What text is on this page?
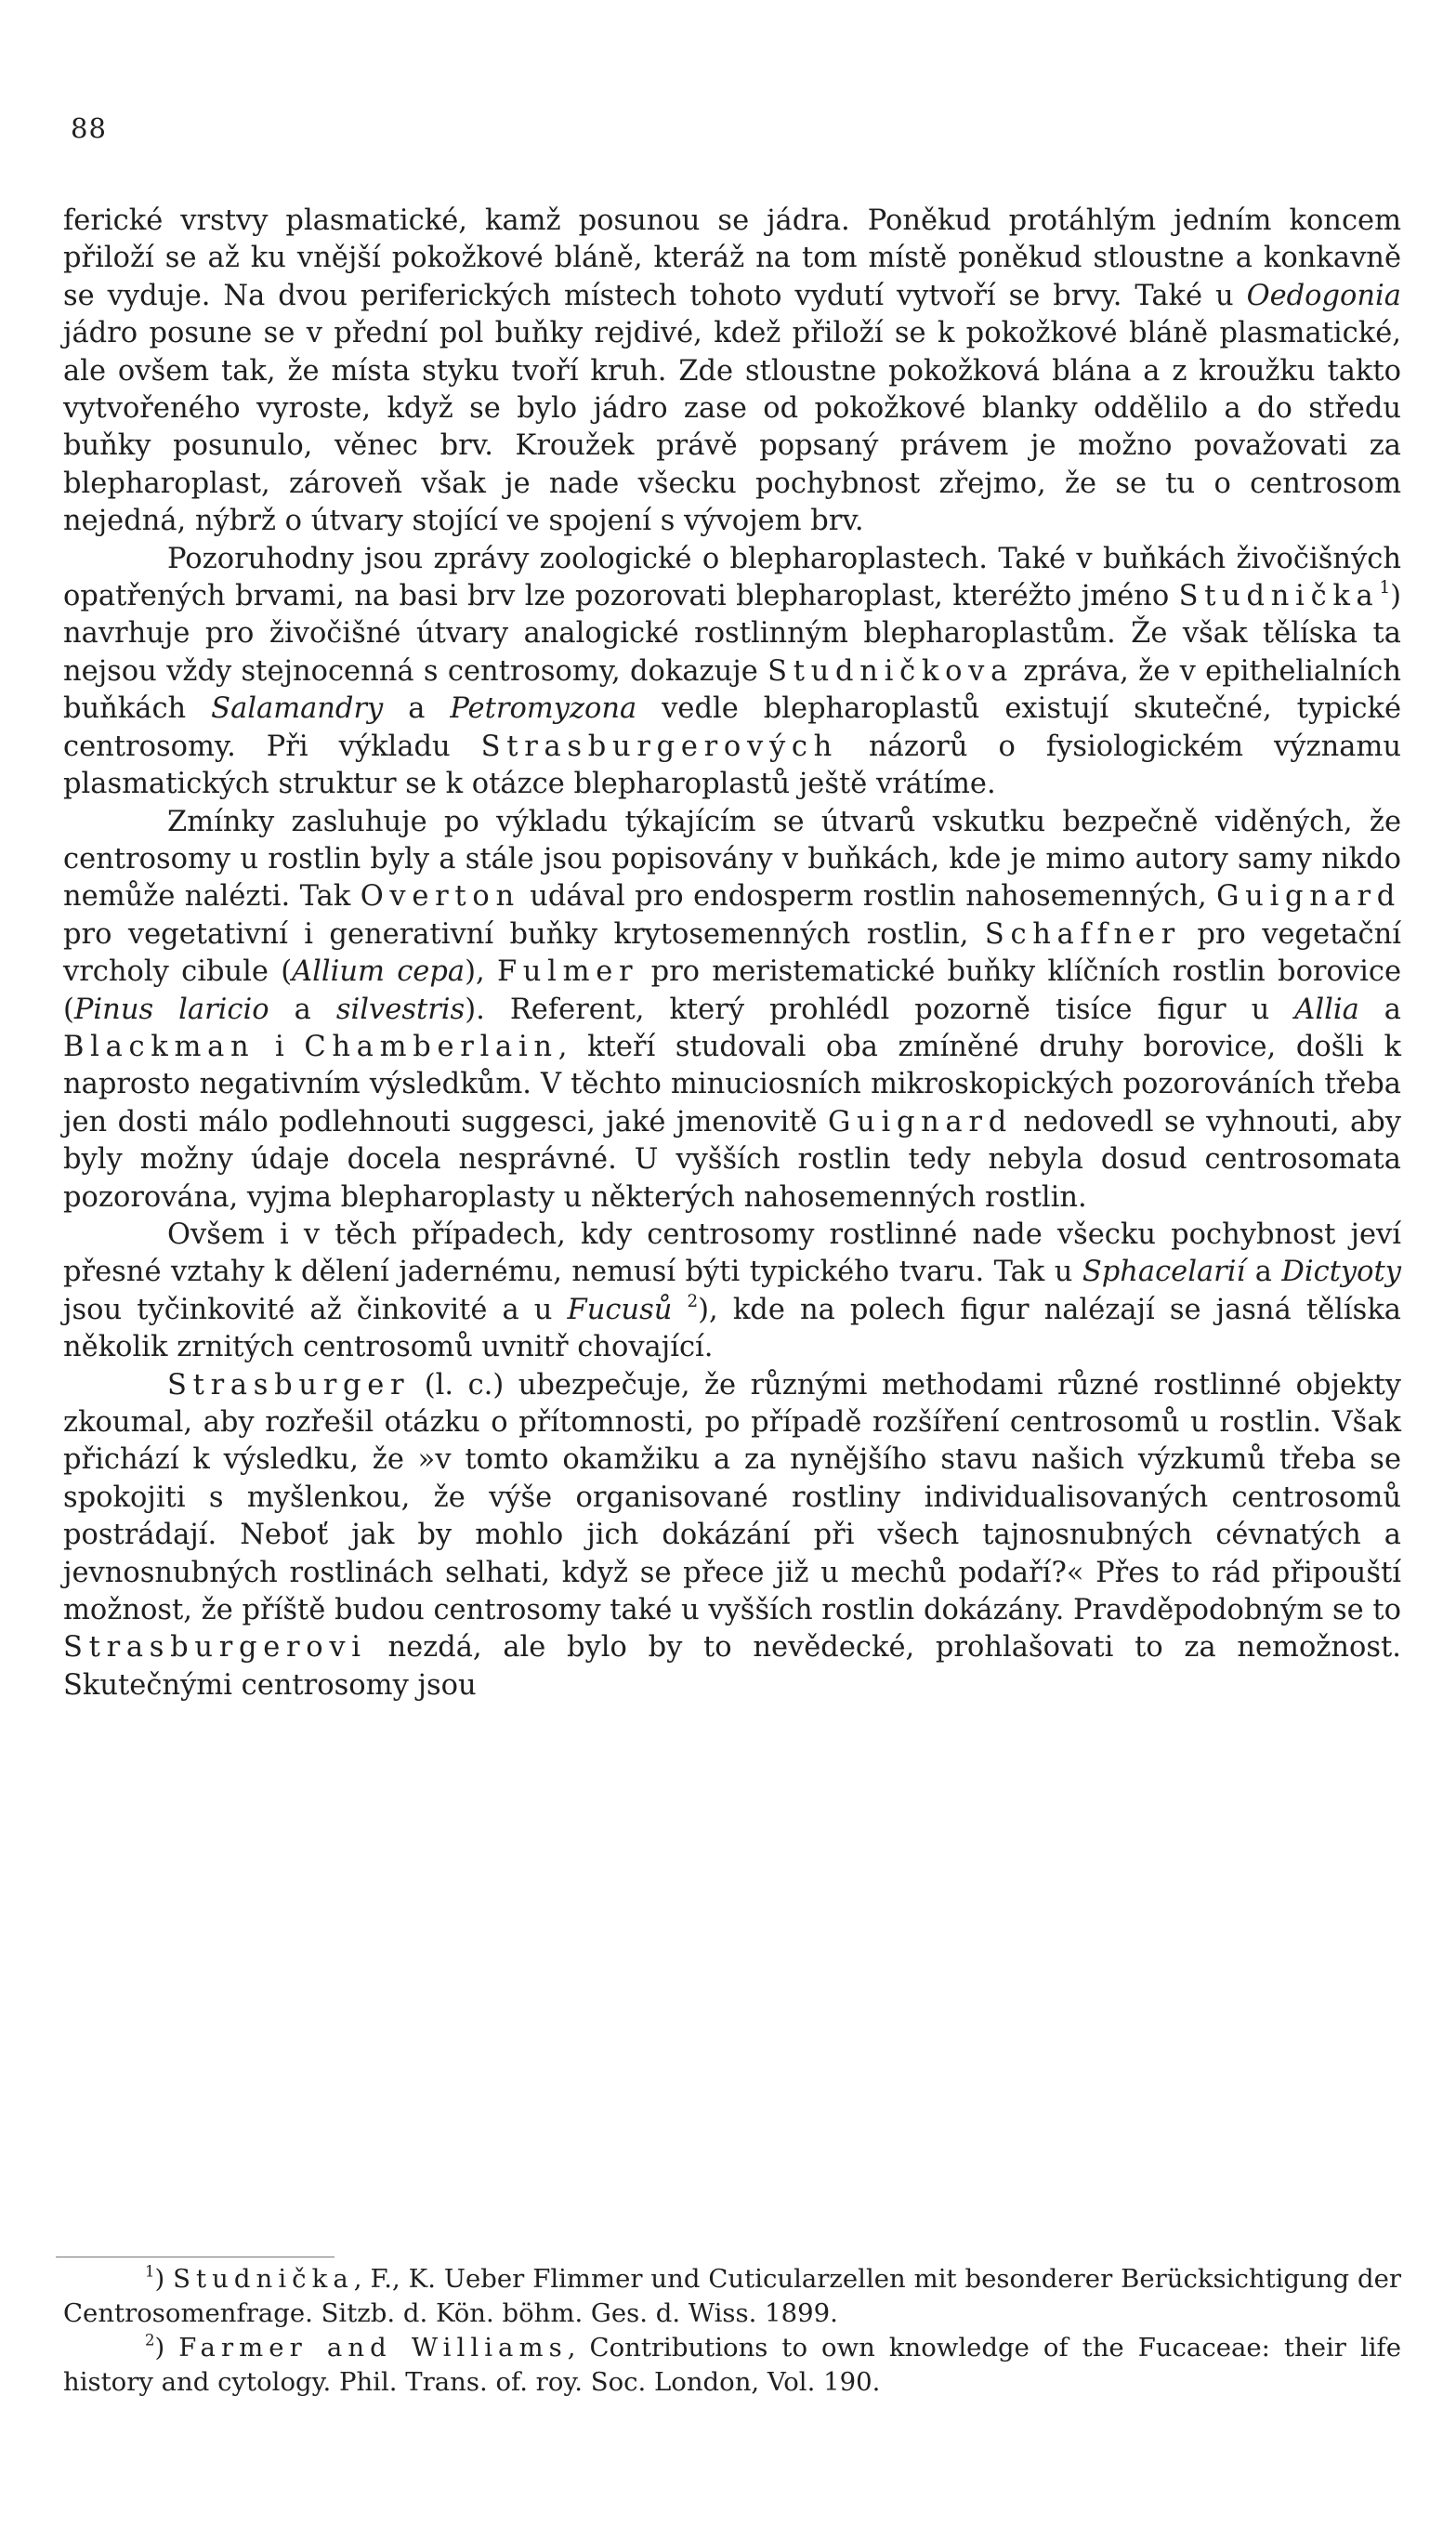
88

ferické vrstvy plasmatické, kamž posunou se jádra. Poněkud protáhlým jedním koncem přiloží se až ku vnější pokožkové bláně, kteráž na tom místě poněkud stloustne a konkavně se vyduje. Na dvou periferických místech tohoto vydutí vytvoří se brvy. Také u Oedogonia jádro posune se v přední pol buňky rejdivé, kdež přiloží se k pokožkové bláně plasmatické, ale ovšem tak, že místa styku tvoří kruh. Zde stloustne pokožková blána a z kroužku takto vytvořeného vyroste, když se bylo jádro zase od pokožkové blanky oddělilo a do středu buňky posunulo, věnec brv. Kroužek právě popsaný právem je možno považovati za blepharoplast, zároveň však je nade všecku pochybnost zřejmo, že se tu o centrosom nejedná, nýbrž o útvary stojící ve spojení s vývojem brv.

Pozoruhodny jsou zprávy zoologické o blepharoplastech. Také v buňkách živočišných opatřených brvami, na basi brv lze pozorovati blepharoplast, kteréžto jméno Studnička$^1$) navrhuje pro živočišné útvary analogické rostlinným blepharoplastům. Že však tělíska ta nejsou vždy stejnocenná s centrosomy, dokazuje Studničkova zpráva, že v epithelialních buňkách Salamandry a Petromyzona vedle blepharoplastů existují skutečné, typické centrosomy. Při výkladu Strasburgerových názorů o fysiologickém významu plasmatických struktur se k otázce blepharoplastů ještě vrátíme.

Zmínky zasluhuje po výkladu týkajícím se útvarů vskutku bezpečně viděných, že centrosomy u rostlin byly a stále jsou popisovány v buňkách, kde je mimo autory samy nikdo nemůže nalézti. Tak Overton udával pro endosperm rostlin nahosemenných, Guignard pro vegetativní i generativní buňky krytosemenných rostlin, Schaffner pro vegetační vrcholy cibule (Allium cepa), Fulmer pro meristematické buňky klíčních rostlin borovice (Pinus laricio a silvestris). Referent, který prohlédl pozorně tisíce figur u Allia a Blackman i Chamberlain, kteří studovali oba zmíněné druhy borovice, došli k naprosto negativním výsledkům. V těchto minuciosních mikroskopických pozorováních třeba jen dosti málo podlehnouti suggesci, jaké jmenovitě Guignard nedovedl se vyhnouti, aby byly možny údaje docela nesprávné. U vyšších rostlin tedy nebyla dosud centrosomata pozorována, vyjma blepharoplasty u některých nahosemenných rostlin.

Ovšem i v těch případech, kdy centrosomy rostlinné nade všecku pochybnost jeví přesné vztahy k dělení jadernému, nemusí býti typického tvaru. Tak u Sphacelarií a Dictyoty jsou tyčinkovité až činkovité a u Fucusů $^2$), kde na polech figur nalézají se jasná tělíska několik zrnitých centrosomů uvnitř chovající.

Strasburger (l. c.) ubezpečuje, že různými methodami různé rostlinné objekty zkoumal, aby rozřešil otázku o přítomnosti, po případě rozšíření centrosomů u rostlin. Však přichází k výsledku, že »v tomto okamžiku a za nynějšího stavu našich výzkumů třeba se spokojiti s myšlenkou, že výše organisované rostliny individualisovaných centrosomů postrádají. Neboť jak by mohlo jich dokázání při všech tajnosnubných cévnatých a jevnosnubných rostlinách selhati, když se přece již u mechů podaří?« Přes to rád připouští možnost, že příště budou centrosomy také u vyšších rostlin dokázány. Pravděpodobným se to Strasburgerovi nezdá, ale bylo by to nevědecké, prohlašovati to za nemožnost. Skutečnými centrosomy jsou

$^1$) Studnička, F., K. Ueber Flimmer und Cuticularzellen mit besonderer Berücksichtigung der Centrosomenfrage. Sitzb. d. Kön. böhm. Ges. d. Wiss. 1899.

$^2$) Farmer and Williams, Contributions to own knowledge of the Fucaceae: their life history and cytology. Phil. Trans. of. roy. Soc. London, Vol. 190.
